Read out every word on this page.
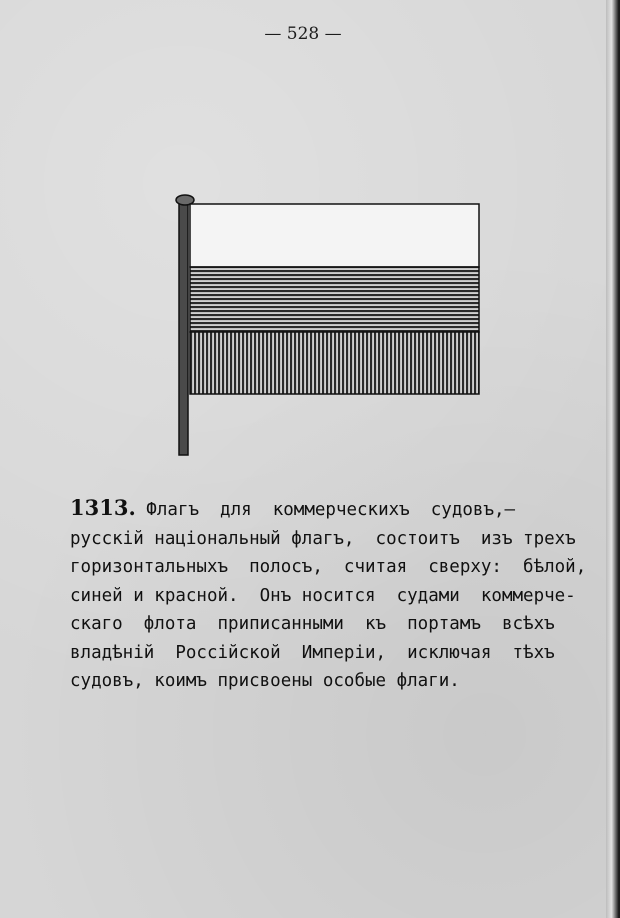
— 528 —
1313. Флагъ  для  коммерческихъ  судовъ,—
русскій національный флагъ,  состоитъ  изъ трехъ
горизонтальныхъ  полосъ,  считая  сверху:  бѣлой,
синей и красной.  Онъ носится  судами  коммерче-
скаго  флота  приписанными  къ  портамъ  всѣхъ
владѣній  Россійской  Имперіи,  исключая  тѣхъ
судовъ, коимъ присвоены особые флаги.
